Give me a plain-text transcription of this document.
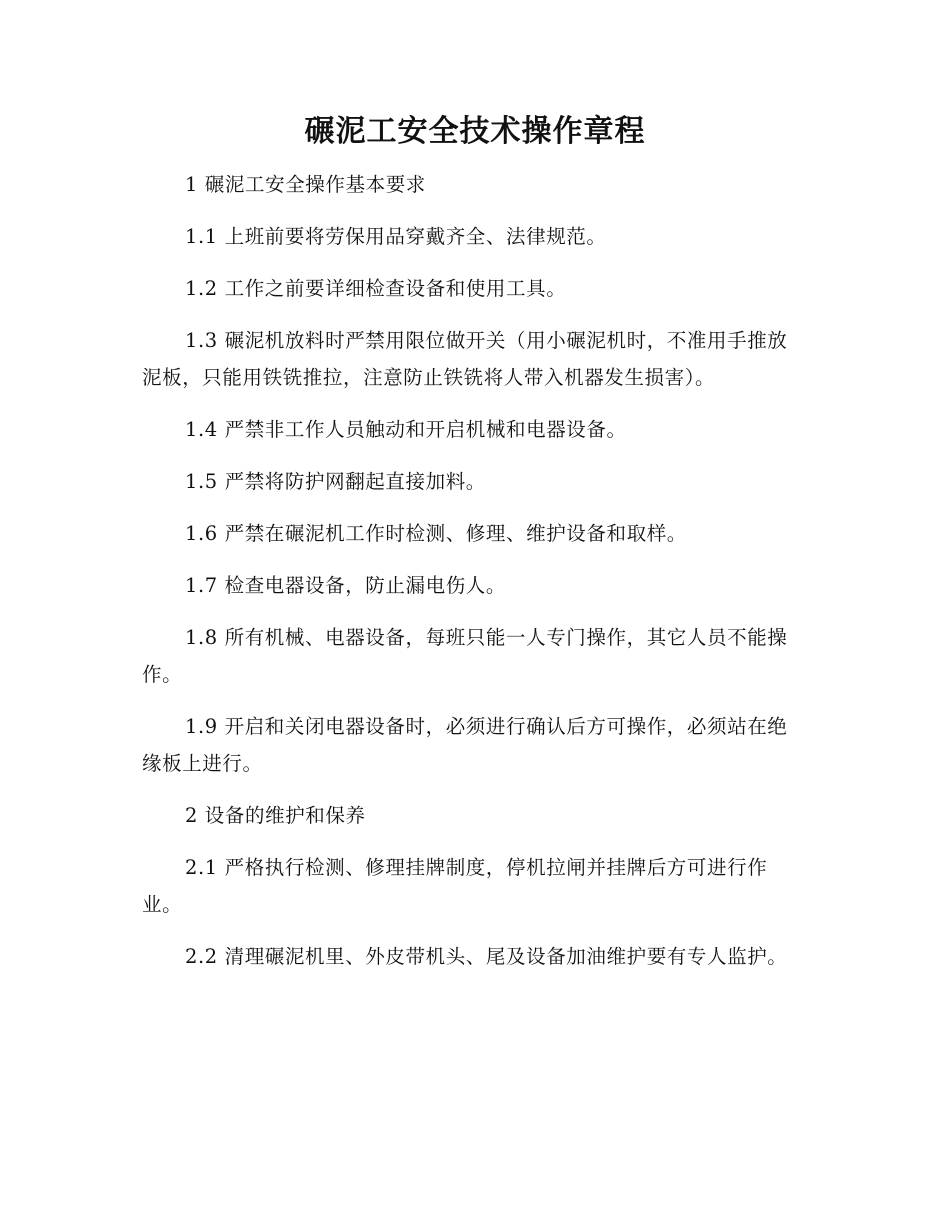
碾泥工安全技术操作章程

1 碾泥工安全操作基本要求

1.1 上班前要将劳保用品穿戴齐全、法律规范。

1.2 工作之前要详细检查设备和使用工具。

1.3 碾泥机放料时严禁用限位做开关（用小碾泥机时，不准用手推放泥板，只能用铁铣推拉，注意防止铁铣将人带入机器发生损害）。

1.4 严禁非工作人员触动和开启机械和电器设备。

1.5 严禁将防护网翻起直接加料。

1.6 严禁在碾泥机工作时检测、修理、维护设备和取样。

1.7 检查电器设备，防止漏电伤人。

1.8 所有机械、电器设备，每班只能一人专门操作，其它人员不能操作。

1.9 开启和关闭电器设备时，必须进行确认后方可操作，必须站在绝缘板上进行。

2 设备的维护和保养

2.1 严格执行检测、修理挂牌制度，停机拉闸并挂牌后方可进行作业。

2.2 清理碾泥机里、外皮带机头、尾及设备加油维护要有专人监护。
